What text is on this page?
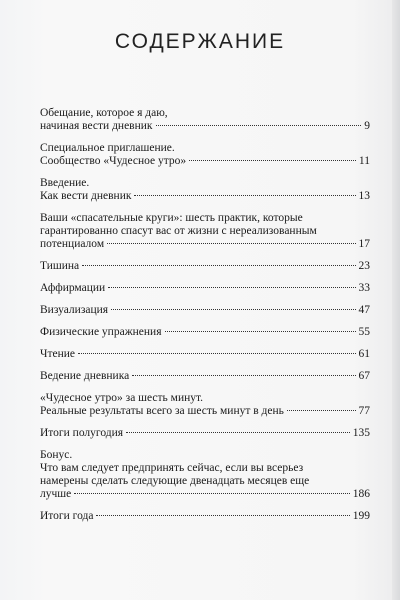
СОДЕРЖАНИЕ
Обещание, которое я даю,
начиная вести дневник	9
Специальное приглашение.
Сообщество «Чудесное утро»	11
Введение.
Как вести дневник	13
Ваши «спасательные круги»: шесть практик, которые
гарантированно спасут вас от жизни с нереализованным
потенциалом	17
Тишина	23
Аффирмации	33
Визуализация	47
Физические упражнения	55
Чтение	61
Ведение дневника	67
«Чудесное утро» за шесть минут.
Реальные результаты всего за шесть минут в день	77
Итоги полугодия	135
Бонус.
Что вам следует предпринять сейчас, если вы всерьез
намерены сделать следующие двенадцать месяцев еще
лучше	186
Итоги года	199
